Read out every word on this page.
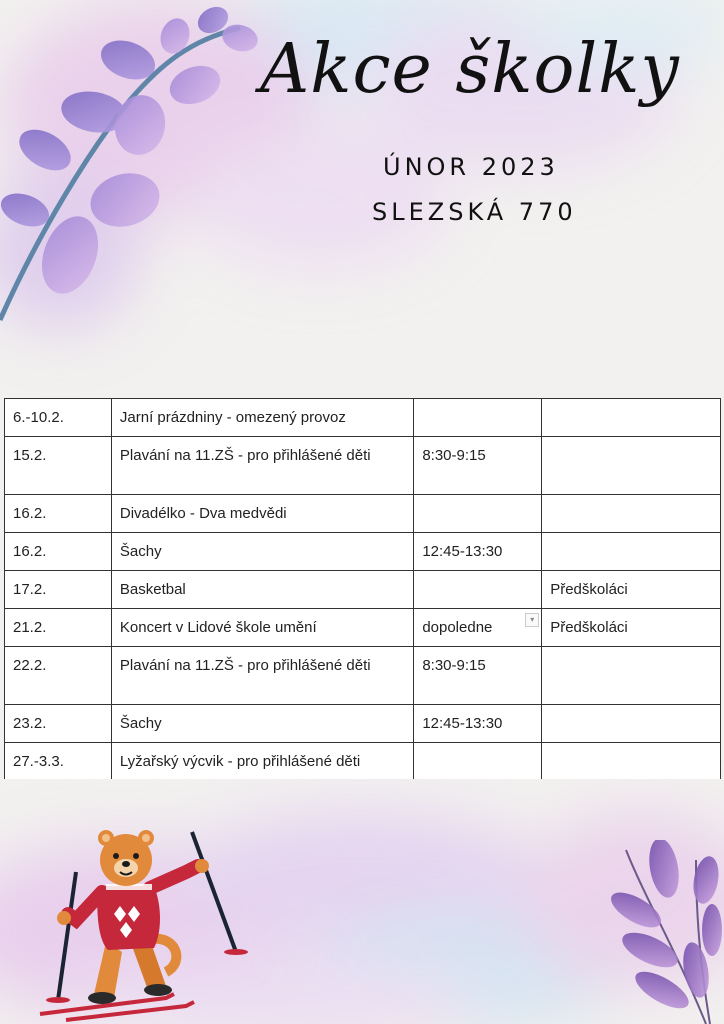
Akce školky
ÚNOR 2023
SLEZSKÁ 770
6.-10.2.	Jarní prázdniny - omezený provoz		
15.2.	Plavání na 11.ZŠ - pro přihlášené děti	8:30-9:15	
16.2.	Divadélko - Dva medvědi		
16.2.	Šachy	12:45-13:30	
17.2.	Basketbal		Předškoláci
21.2.	Koncert v Lidové škole umění	dopoledne ▾	Předškoláci
22.2.	Plavání na 11.ZŠ - pro přihlášené děti	8:30-9:15	
23.2.	Šachy	12:45-13:30	
27.-3.3.	Lyžařský výcvik - pro přihlášené děti		
